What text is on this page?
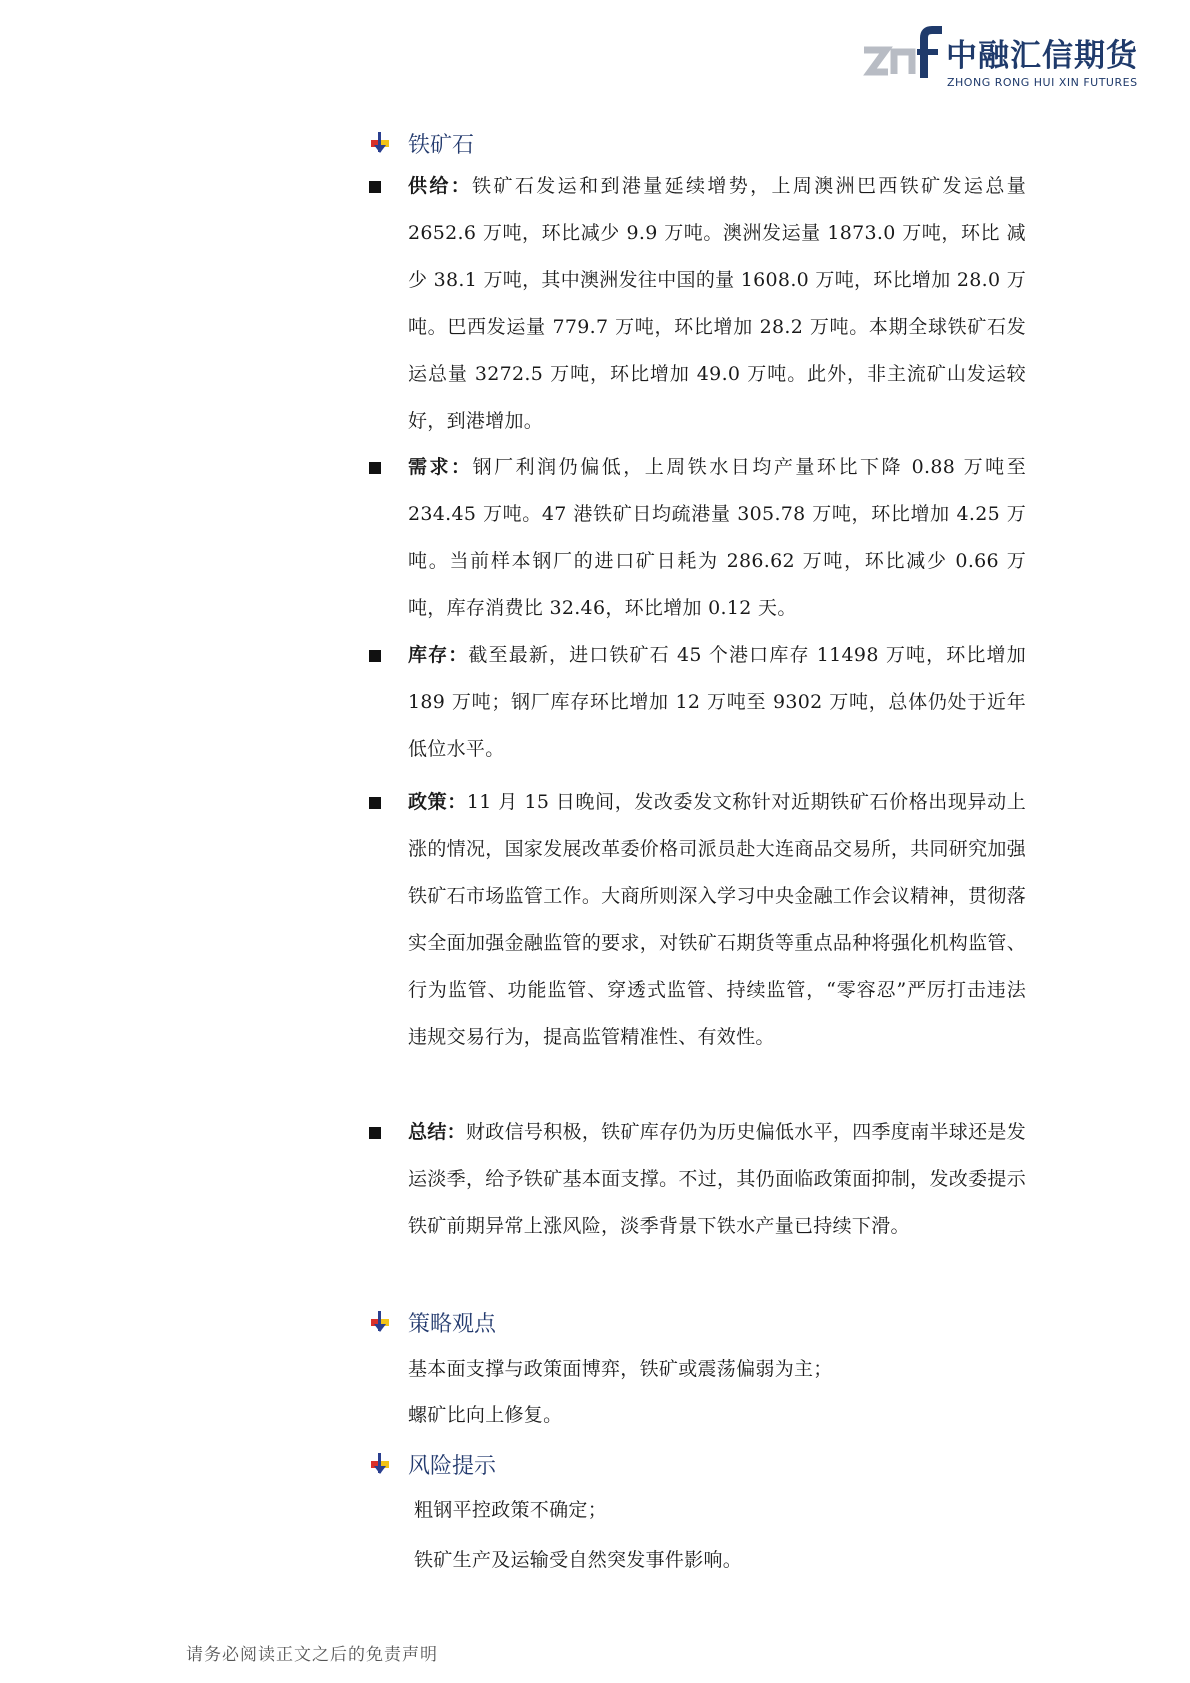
中融汇信期货
ZHONG RONG HUI XIN FUTURES
铁矿石
供给：铁矿石发运和到港量延续增势，上周澳洲巴西铁矿发运总量 2652.6 万吨，环比减少 9.9 万吨。澳洲发运量 1873.0 万吨，环比 减少 38.1 万吨，其中澳洲发往中国的量 1608.0 万吨，环比增加 28.0 万吨。巴西发运量 779.7 万吨，环比增加 28.2 万吨。本期全球铁矿石发运总量 3272.5 万吨，环比增加 49.0 万吨。此外，非主流矿山发运较好，到港增加。
需求：钢厂利润仍偏低，上周铁水日均产量环比下降 0.88 万吨至 234.45 万吨。47 港铁矿日均疏港量 305.78 万吨，环比增加 4.25 万吨。当前样本钢厂的进口矿日耗为 286.62 万吨，环比减少 0.66 万吨，库存消费比 32.46，环比增加 0.12 天。
库存：截至最新，进口铁矿石 45 个港口库存 11498 万吨，环比增加 189 万吨；钢厂库存环比增加 12 万吨至 9302 万吨，总体仍处于近年低位水平。
政策：11 月 15 日晚间，发改委发文称针对近期铁矿石价格出现异动上涨的情况，国家发展改革委价格司派员赴大连商品交易所，共同研究加强铁矿石市场监管工作。大商所则深入学习中央金融工作会议精神，贯彻落实全面加强金融监管的要求，对铁矿石期货等重点品种将强化机构监管、行为监管、功能监管、穿透式监管、持续监管，“零容忍”严厉打击违法违规交易行为，提高监管精准性、有效性。
总结：财政信号积极，铁矿库存仍为历史偏低水平，四季度南半球还是发运淡季，给予铁矿基本面支撑。不过，其仍面临政策面抑制，发改委提示铁矿前期异常上涨风险，淡季背景下铁水产量已持续下滑。
策略观点
基本面支撑与政策面博弈，铁矿或震荡偏弱为主；
螺矿比向上修复。
风险提示
粗钢平控政策不确定；
铁矿生产及运输受自然突发事件影响。
请务必阅读正文之后的免责声明
